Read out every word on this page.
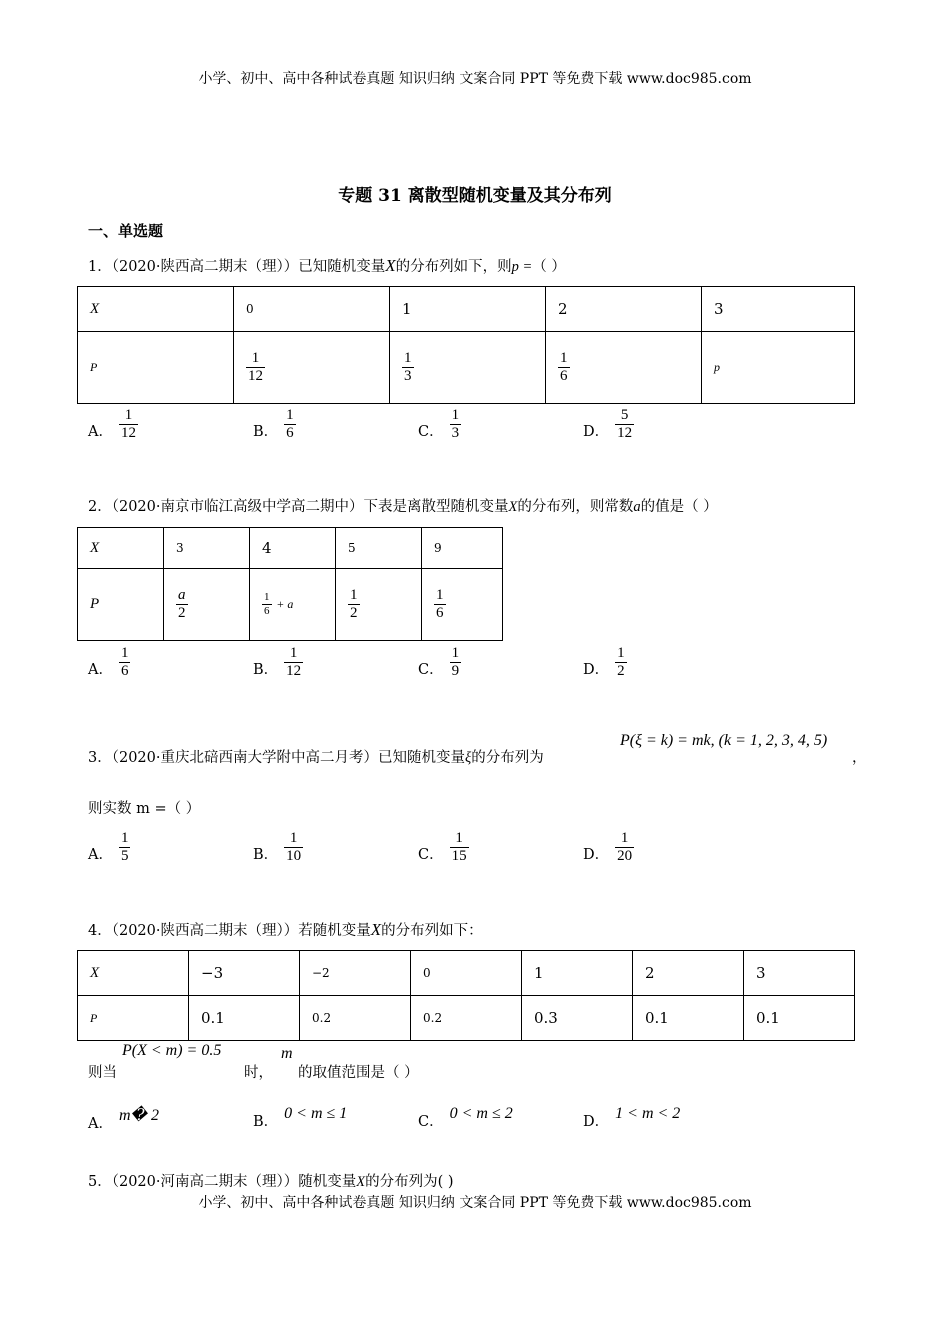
小学、初中、高中各种试卷真题 知识归纳 文案合同 PPT 等免费下载 www.doc985.com
专题 31 离散型随机变量及其分布列
一、单选题
1．（2020·陕西高二期末（理））已知随机变量X的分布列如下，则p =（ ）
X	0	1	2	3
P	$\frac{1}{12}$	$\frac{1}{3}$	$\frac{1}{6}$	p
A． $\frac{1}{12}$	B． $\frac{1}{6}$	C． $\frac{1}{3}$	D． $\frac{5}{12}$
2．（2020·南京市临江高级中学高二期中）下表是离散型随机变量X的分布列，则常数a的值是（ ）
X	3	4	5	9
P	$\frac{a}{2}$	$\frac{1}{6} + a$	$\frac{1}{2}$	$\frac{1}{6}$
A． $\frac{1}{6}$	B． $\frac{1}{12}$	C． $\frac{1}{9}$	D． $\frac{1}{2}$
3．（2020·重庆北碚西南大学附中高二月考）已知随机变量ξ的分布列为
P(ξ = k) = mk, (k = 1, 2, 3, 4, 5)
，
则实数 m =（ ）
A． $\frac{1}{5}$	B． $\frac{1}{10}$	C． $\frac{1}{15}$	D． $\frac{1}{20}$
4．（2020·陕西高二期末（理））若随机变量X的分布列如下：
X	−3	−2	0	1	2	3
P	0.1	0.2	0.2	0.3	0.1	0.1
则当
P(X < m) = 0.5
时，
m
的取值范围是（ ）
A． m� 2	B． 0 < m ≤ 1	C． 0 < m ≤ 2	D． 1 < m < 2
5．（2020·河南高二期末（理））随机变量X的分布列为( )
小学、初中、高中各种试卷真题 知识归纳 文案合同 PPT 等免费下载 www.doc985.com
